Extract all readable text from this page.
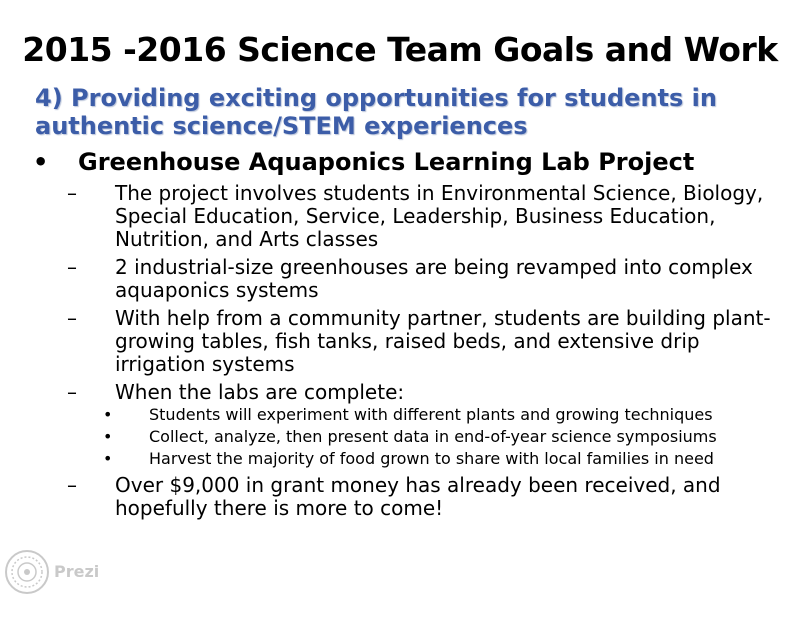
2015 -2016 Science Team Goals and Work
4) Providing exciting opportunities for students in authentic science/STEM experiences
• Greenhouse Aquaponics Learning Lab Project
– The project involves students in Environmental Science, Biology,
Special Education, Service, Leadership, Business Education,
Nutrition, and Arts classes
– 2 industrial-size greenhouses are being revamped into complex
aquaponics systems
– With help from a community partner, students are building plant-
growing tables, fish tanks, raised beds, and extensive drip
irrigation systems
– When the labs are complete:
• Students will experiment with different plants and growing techniques
• Collect, analyze, then present data in end-of-year science symposiums
• Harvest the majority of food grown to share with local families in need
– Over $9,000 in grant money has already been received, and
hopefully there is more to come!
Prezi
